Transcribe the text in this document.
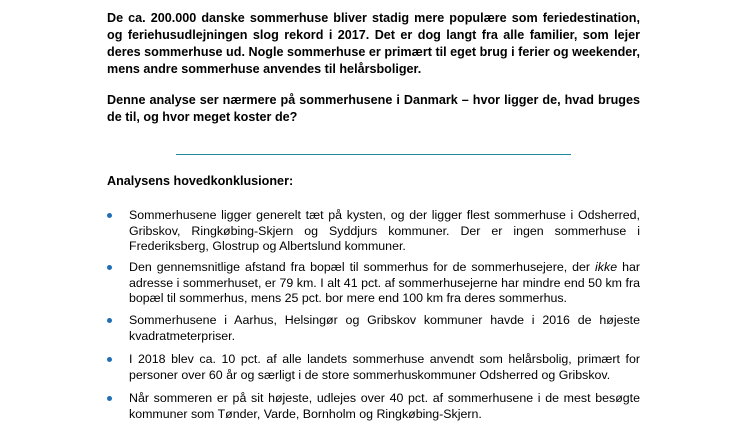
De ca. 200.000 danske sommerhuse bliver stadig mere populære som feriedestination, og feriehusudlejningen slog rekord i 2017. Det er dog langt fra alle familier, som lejer deres sommerhuse ud. Nogle sommerhuse er primært til eget brug i ferier og weekender, mens andre sommerhuse anvendes til helårsboliger.

Denne analyse ser nærmere på sommerhusene i Danmark – hvor ligger de, hvad bruges de til, og hvor meget koster de?

Analysens hovedkonklusioner:

Sommerhusene ligger generelt tæt på kysten, og der ligger flest sommerhuse i Odsherred, Gribskov, Ringkøbing-Skjern og Syddjurs kommuner. Der er ingen sommerhuse i Frederiksberg, Glostrup og Albertslund kommuner.

Den gennemsnitlige afstand fra bopæl til sommerhus for de sommerhusejere, der ikke har adresse i sommerhuset, er 79 km. I alt 41 pct. af sommerhusejerne har mindre end 50 km fra bopæl til sommerhus, mens 25 pct. bor mere end 100 km fra deres sommerhus.

Sommerhusene i Aarhus, Helsingør og Gribskov kommuner havde i 2016 de højeste kvadratmeterpriser.

I 2018 blev ca. 10 pct. af alle landets sommerhuse anvendt som helårsbolig, primært for personer over 60 år og særligt i de store sommerhuskommuner Odsherred og Gribskov.

Når sommeren er på sit højeste, udlejes over 40 pct. af sommerhusene i de mest besøgte kommuner som Tønder, Varde, Bornholm og Ringkøbing-Skjern.
